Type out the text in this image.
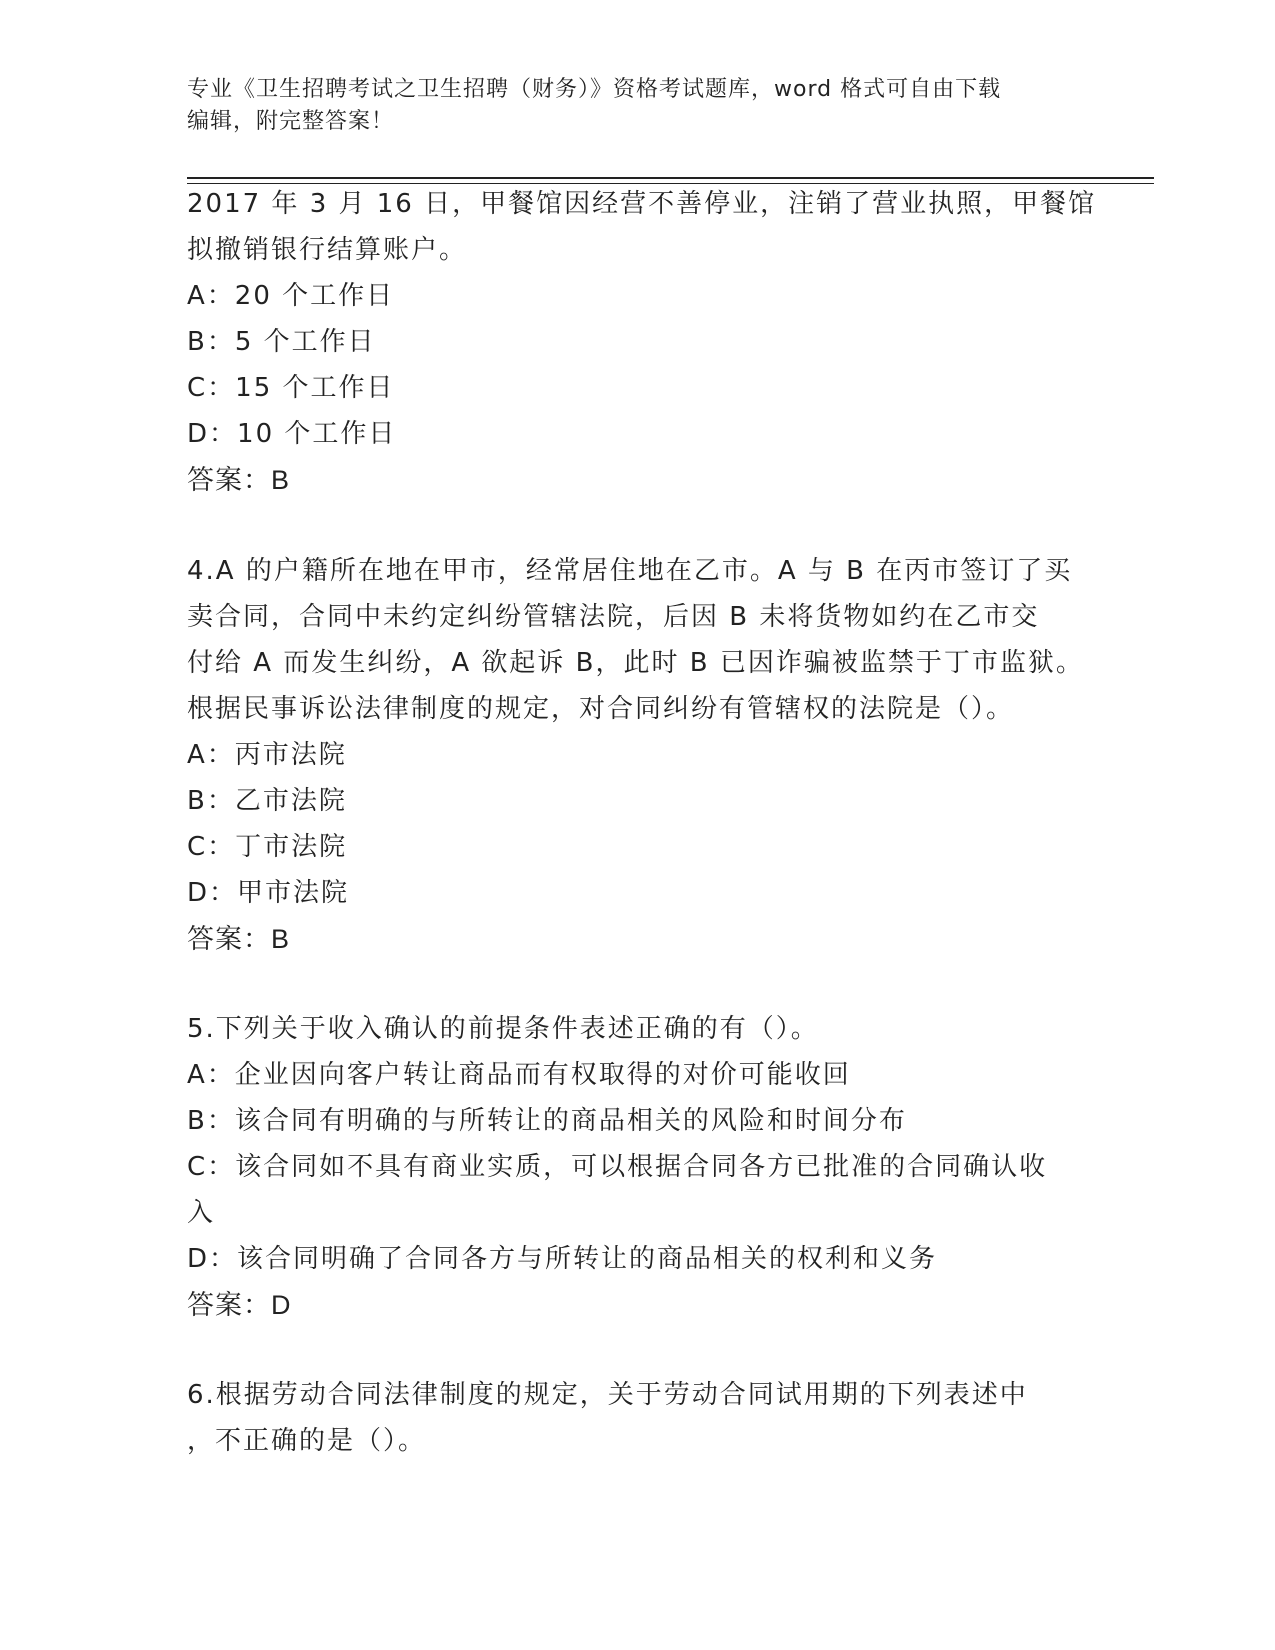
专业《卫生招聘考试之卫生招聘（财务）》资格考试题库，word 格式可自由下载
编辑，附完整答案！
2017 年 3 月 16 日，甲餐馆因经营不善停业，注销了营业执照，甲餐馆
拟撤销银行结算账户。
A：20 个工作日
B：5 个工作日
C：15 个工作日
D：10 个工作日
答案：B
4.A 的户籍所在地在甲市，经常居住地在乙市。A 与 B 在丙市签订了买
卖合同，合同中未约定纠纷管辖法院，后因 B 未将货物如约在乙市交
付给 A 而发生纠纷，A 欲起诉 B，此时 B 已因诈骗被监禁于丁市监狱。
根据民事诉讼法律制度的规定，对合同纠纷有管辖权的法院是（）。
A：丙市法院
B：乙市法院
C：丁市法院
D：甲市法院
答案：B
5.下列关于收入确认的前提条件表述正确的有（）。
A：企业因向客户转让商品而有权取得的对价可能收回
B：该合同有明确的与所转让的商品相关的风险和时间分布
C：该合同如不具有商业实质，可以根据合同各方已批准的合同确认收
入
D：该合同明确了合同各方与所转让的商品相关的权利和义务
答案：D
6.根据劳动合同法律制度的规定，关于劳动合同试用期的下列表述中
，不正确的是（）。
